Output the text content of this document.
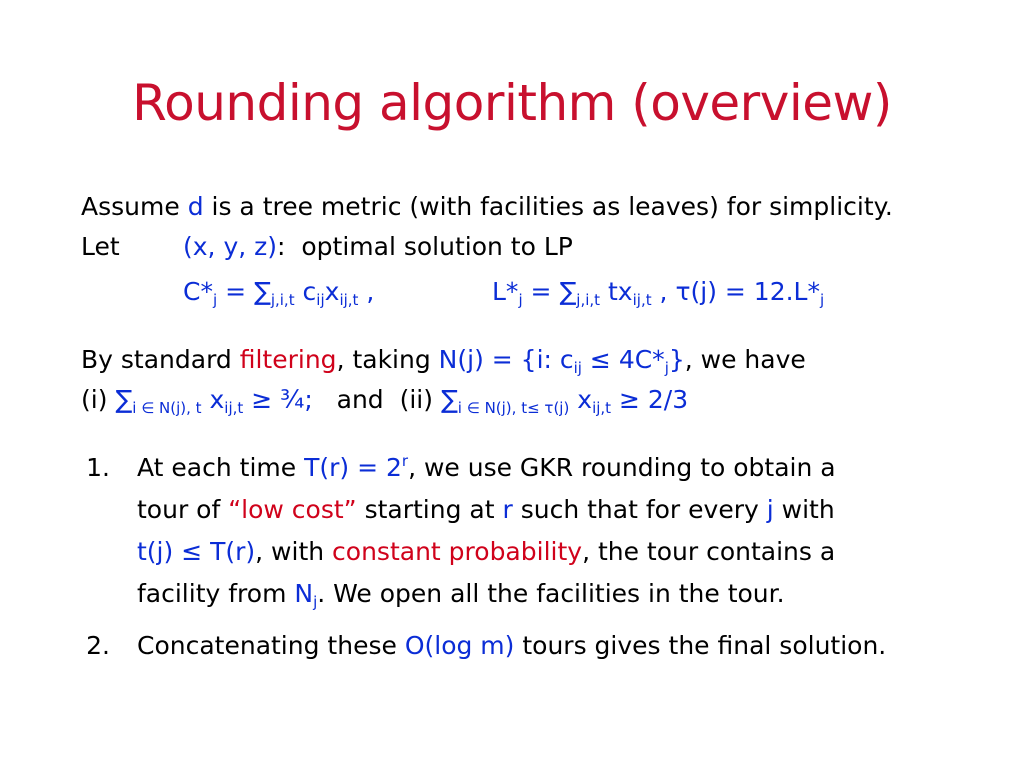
Rounding algorithm (overview)
Assume d is a tree metric (with facilities as leaves) for simplicity.
Let	(x, y, z): optimal solution to LP
$C*_j = \sum_{j,i,t}$ $c_{ij}x_{ij,t}$ ,	$L*_j = \sum_{j,i,t}$ $tx_{ij,t}$ , $\tau(j) = 12.L*_j$
By standard filtering, taking N(j) = {i: $c_{ij} \le 4C*_j$}, we have
(i) $\sum_{i \in N(j), t}$ $x_{ij,t}$ ≥ ¾; and (ii) $\sum_{i \in N(j), t\le \tau(j)}$ $x_{ij,t} \ge 2/3$
1. At each time $T(r) = 2^r$, we use GKR rounding to obtain a
tour of “low cost” starting at r such that for every j with
t(j) ≤ T(r), with constant probability, the tour contains a
facility from $N_j$. We open all the facilities in the tour.
2. Concatenating these O(log m) tours gives the final solution.
